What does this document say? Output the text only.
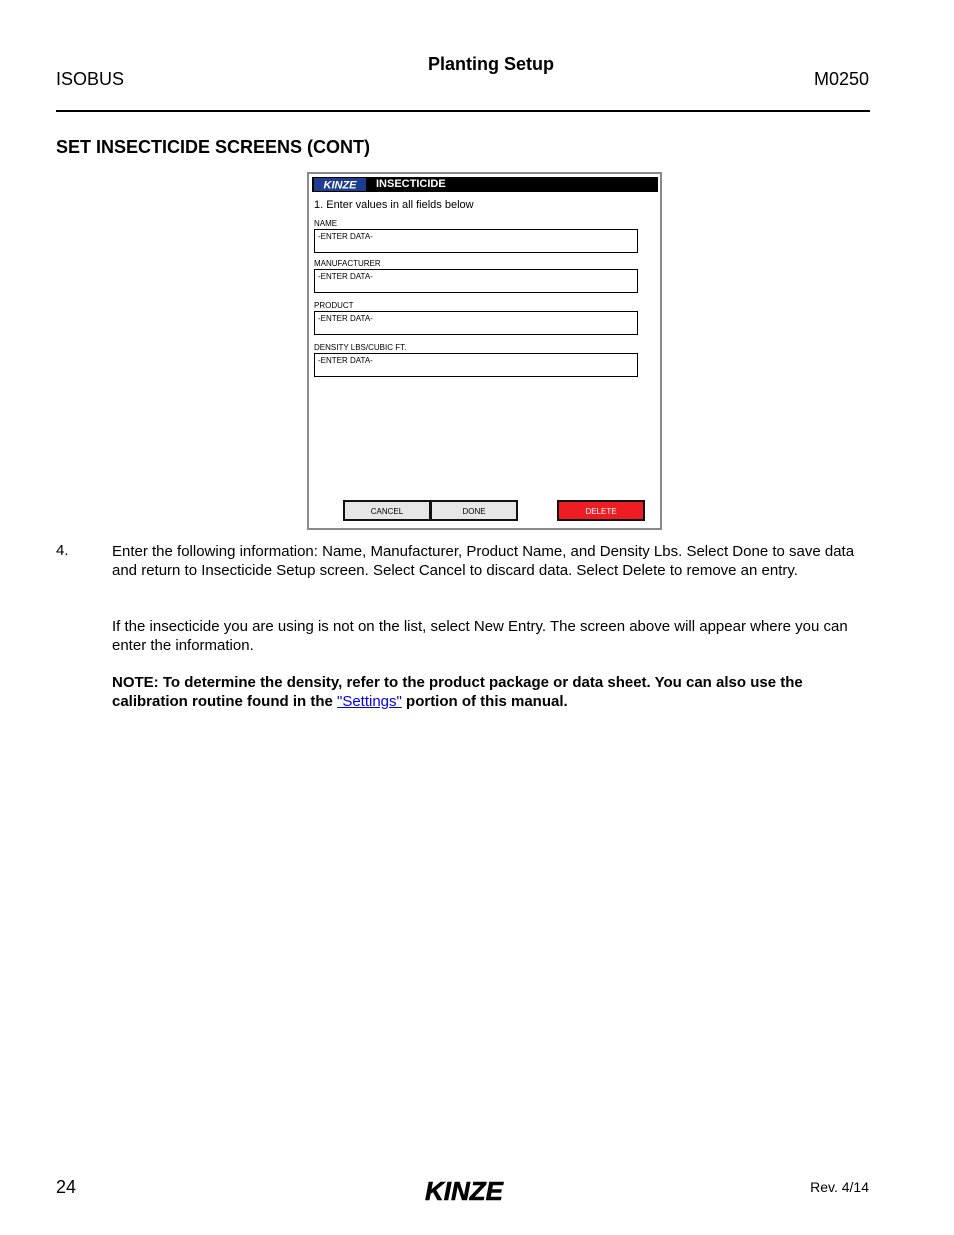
ISOBUS
Planting Setup
M0250
SET INSECTICIDE SCREENS (CONT)
KINZE INSECTICIDE
1. Enter values in all fields below
NAME
-ENTER DATA-
MANUFACTURER
-ENTER DATA-
PRODUCT
-ENTER DATA-
DENSITY LBS/CUBIC FT.
-ENTER DATA-
CANCEL	DONE	DELETE
4.	Enter the following information: Name, Manufacturer, Product Name, and Density Lbs. Select Done to save data and return to Insecticide Setup screen. Select Cancel to discard data. Select Delete to remove an entry.
If the insecticide you are using is not on the list, select New Entry. The screen above will appear where you can enter the information.
NOTE: To determine the density, refer to the product package or data sheet. You can also use the calibration routine found in the "Settings" portion of this manual.
24	KINZE	Rev. 4/14
